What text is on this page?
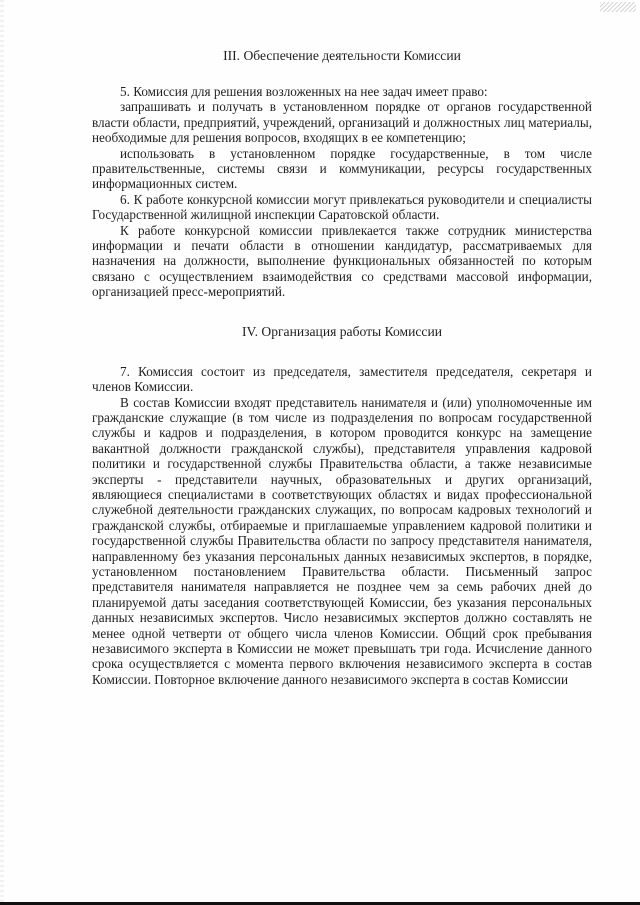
III. Обеспечение деятельности Комиссии

5. Комиссия для решения возложенных на нее задач имеет право:

запрашивать и получать в установленном порядке от органов государственной власти области, предприятий, учреждений, организаций и должностных лиц материалы, необходимые для решения вопросов, входящих в ее компетенцию;

использовать в установленном порядке государственные, в том числе правительственные, системы связи и коммуникации, ресурсы государственных информационных систем.

6. К работе конкурсной комиссии могут привлекаться руководители и специалисты Государственной жилищной инспекции Саратовской области.

К работе конкурсной комиссии привлекается также сотрудник министерства информации и печати области в отношении кандидатур, рассматриваемых для назначения на должности, выполнение функциональных обязанностей по которым связано с осуществлением взаимодействия со средствами массовой информации, организацией пресс-мероприятий.

IV. Организация работы Комиссии

7. Комиссия состоит из председателя, заместителя председателя, секретаря и членов Комиссии.

В состав Комиссии входят представитель нанимателя и (или) уполномоченные им гражданские служащие (в том числе из подразделения по вопросам государственной службы и кадров и подразделения, в котором проводится конкурс на замещение вакантной должности гражданской службы), представителя управления кадровой политики и государственной службы Правительства области, а также независимые эксперты - представители научных, образовательных и других организаций, являющиеся специалистами в соответствующих областях и видах профессиональной служебной деятельности гражданских служащих, по вопросам кадровых технологий и гражданской службы, отбираемые и приглашаемые управлением кадровой политики и государственной службы Правительства области по запросу представителя нанимателя, направленному без указания персональных данных независимых экспертов, в порядке, установленном постановлением Правительства области. Письменный запрос представителя нанимателя направляется не позднее чем за семь рабочих дней до планируемой даты заседания соответствующей Комиссии, без указания персональных данных независимых экспертов. Число независимых экспертов должно составлять не менее одной четверти от общего числа членов Комиссии. Общий срок пребывания независимого эксперта в Комиссии не может превышать три года. Исчисление данного срока осуществляется с момента первого включения независимого эксперта в состав Комиссии. Повторное включение данного независимого эксперта в состав Комиссии
